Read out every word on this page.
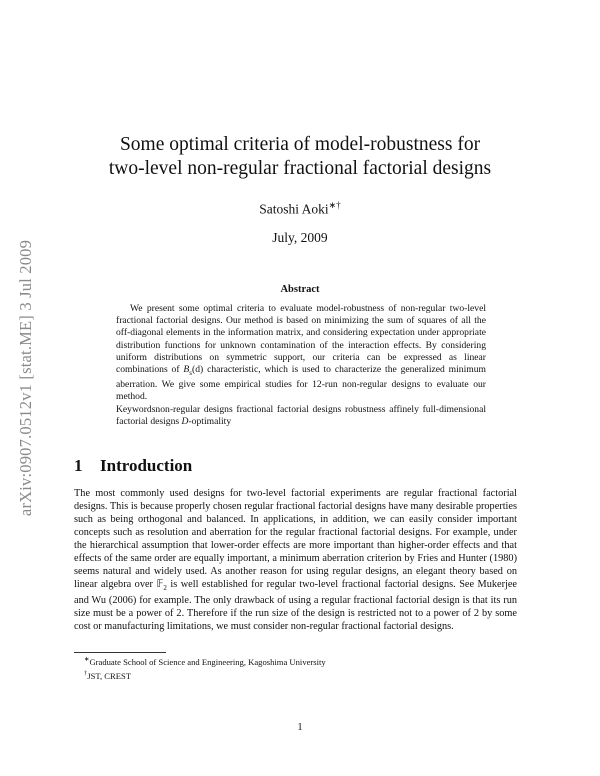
arXiv:0907.0512v1 [stat.ME] 3 Jul 2009
Some optimal criteria of model-robustness for
two-level non-regular fractional factorial designs
Satoshi Aoki∗†
July, 2009
Abstract

We present some optimal criteria to evaluate model-robustness of non-regular two-level fractional factorial designs. Our method is based on minimizing the sum of squares of all the off-diagonal elements in the information matrix, and considering expectation under appropriate distribution functions for unknown contamination of the interaction effects. By considering uniform distributions on symmetric support, our criteria can be expressed as linear combinations of $B_s(d)$ characteristic, which is used to characterize the generalized minimum aberration. We give some empirical studies for 12-run non-regular designs to evaluate our method.

Keywordsnon-regular designs fractional factorial designs robustness affinely full-dimensional factorial designs D-optimality

1 Introduction
The most commonly used designs for two-level factorial experiments are regular fractional factorial designs. This is because properly chosen regular fractional factorial designs have many desirable properties such as being orthogonal and balanced. In applications, in addition, we can easily consider important concepts such as resolution and aberration for the regular fractional factorial designs. For example, under the hierarchical assumption that lower-order effects are more important than higher-order effects and that effects of the same order are equally important, a minimum aberration criterion by Fries and Hunter (1980) seems natural and widely used. As another reason for using regular designs, an elegant theory based on linear algebra over 𝔽$_2$ is well established for regular two-level fractional factorial designs. See Mukerjee and Wu (2006) for example. The only drawback of using a regular fractional factorial design is that its run size must be a power of 2. Therefore if the run size of the design is restricted not to a power of 2 by some cost or manufacturing limitations, we must consider non-regular fractional factorial designs.
∗Graduate School of Science and Engineering, Kagoshima University
†JST, CREST
1
